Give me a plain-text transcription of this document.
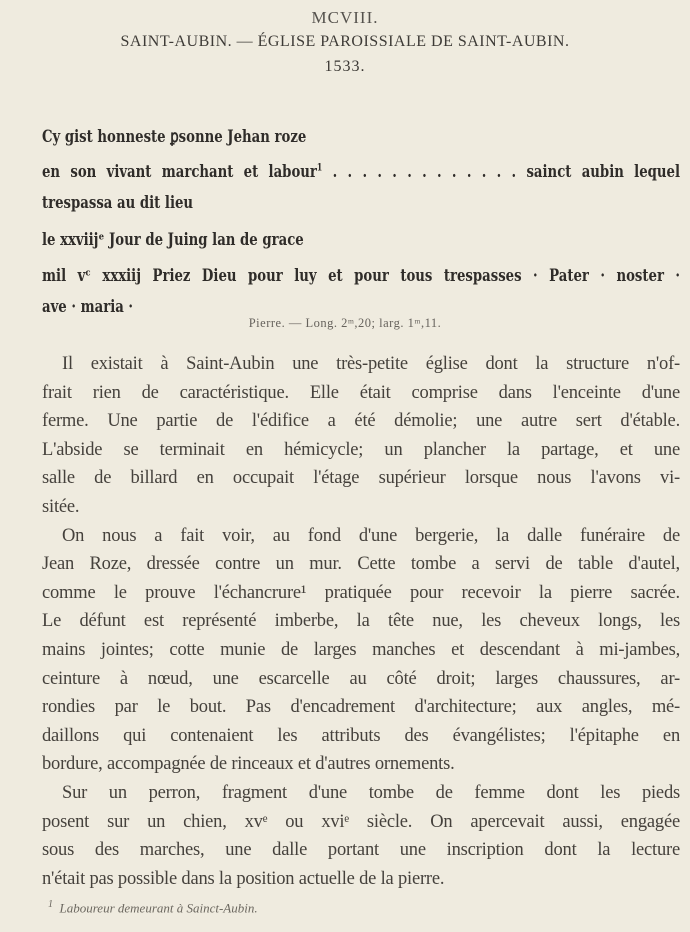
MCVIII.
SAINT-AUBIN. — ÉGLISE PAROISSIALE DE SAINT-AUBIN.
1533.
Cy gist honneste ꝑsonne Jehan roze
en son vivant marchant et labour$^1$ . . . . . . . . . . . . . sainct aubin lequel
trespassa au dit lieu
le xxviijᵉ Jour de Juing lan de grace
mil vᶜ xxxiij Priez Dieu pour luy et pour tous trespasses · Pater · noster ·
ave · maria ·
Pierre. — Long. 2ᵐ,20; larg. 1ᵐ,11.
Il existait à Saint-Aubin une très-petite église dont la structure n'of-
frait rien de caractéristique. Elle était comprise dans l'enceinte d'une
ferme. Une partie de l'édifice a été démolie; une autre sert d'étable.
L'abside se terminait en hémicycle; un plancher la partage, et une
salle de billard en occupait l'étage supérieur lorsque nous l'avons vi-
sitée.
On nous a fait voir, au fond d'une bergerie, la dalle funéraire de
Jean Roze, dressée contre un mur. Cette tombe a servi de table d'autel,
comme le prouve l'échancrure¹ pratiquée pour recevoir la pierre sacrée.
Le défunt est représenté imberbe, la tête nue, les cheveux longs, les
mains jointes; cotte munie de larges manches et descendant à mi-jambes,
ceinture à nœud, une escarcelle au côté droit; larges chaussures, ar-
rondies par le bout. Pas d'encadrement d'architecture; aux angles, mé-
daillons qui contenaient les attributs des évangélistes; l'épitaphe en
bordure, accompagnée de rinceaux et d'autres ornements.
Sur un perron, fragment d'une tombe de femme dont les pieds
posent sur un chien, xvᵉ ou xviᵉ siècle. On apercevait aussi, engagée
sous des marches, une dalle portant une inscription dont la lecture
n'était pas possible dans la position actuelle de la pierre.
$^1$ Laboureur demeurant à Sainct-Aubin.
